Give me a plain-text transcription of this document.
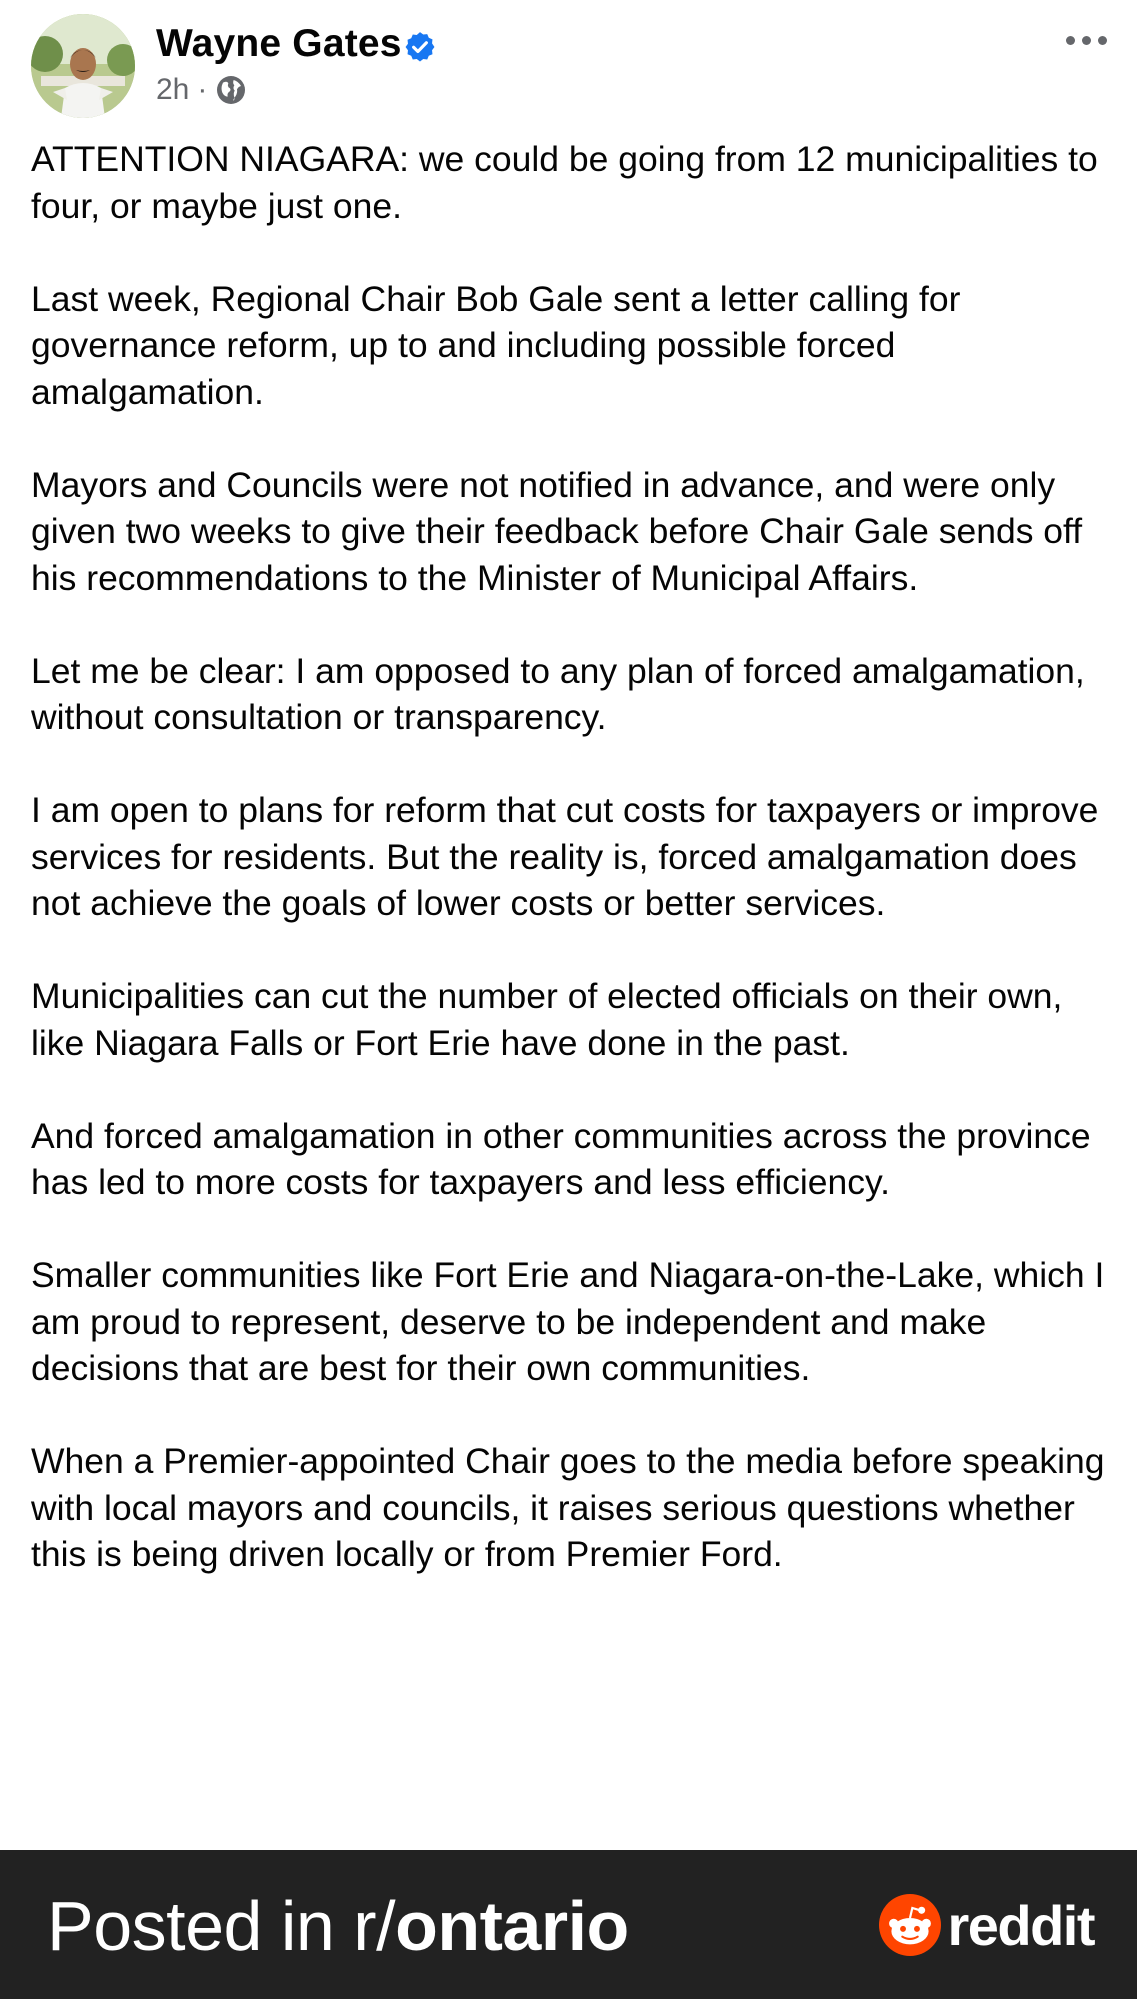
Wayne Gates
2h ·

ATTENTION NIAGARA: we could be going from 12 municipalities to four, or maybe just one.

Last week, Regional Chair Bob Gale sent a letter calling for governance reform, up to and including possible forced amalgamation.

Mayors and Councils were not notified in advance, and were only given two weeks to give their feedback before Chair Gale sends off his recommendations to the Minister of Municipal Affairs.

Let me be clear: I am opposed to any plan of forced amalgamation, without consultation or transparency.

I am open to plans for reform that cut costs for taxpayers or improve services for residents. But the reality is, forced amalgamation does not achieve the goals of lower costs or better services.

Municipalities can cut the number of elected officials on their own, like Niagara Falls or Fort Erie have done in the past.

And forced amalgamation in other communities across the province has led to more costs for taxpayers and less efficiency.

Smaller communities like Fort Erie and Niagara-on-the-Lake, which I am proud to represent, deserve to be independent and make decisions that are best for their own communities.

When a Premier-appointed Chair goes to the media before speaking with local mayors and councils, it raises serious questions whether this is being driven locally or from Premier Ford.

Posted in r/ontario	reddit
